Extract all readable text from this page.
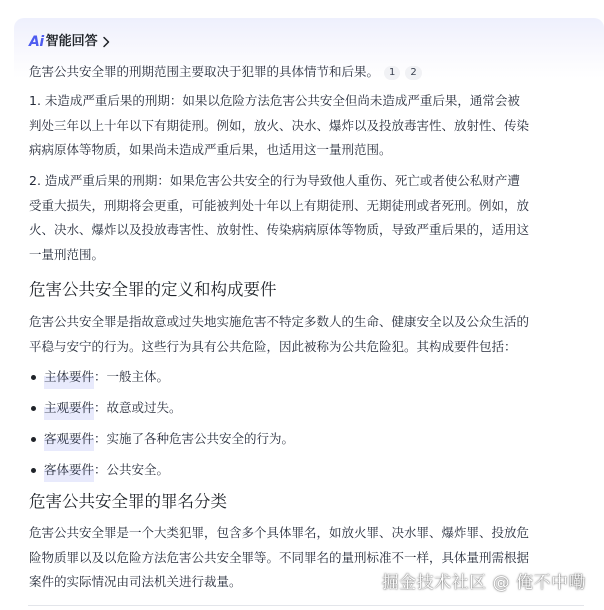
Ai 智能回答

危害公共安全罪的刑期范围主要取决于犯罪的具体情节和后果。 1 2

1. 未造成严重后果的刑期：如果以危险方法危害公共安全但尚未造成严重后果，通常会被
判处三年以上十年以下有期徒刑。例如，放火、决水、爆炸以及投放毒害性、放射性、传染
病病原体等物质，如果尚未造成严重后果，也适用这一量刑范围。
2. 造成严重后果的刑期：如果危害公共安全的行为导致他人重伤、死亡或者使公私财产遭
受重大损失，刑期将会更重，可能被判处十年以上有期徒刑、无期徒刑或者死刑。例如，放
火、决水、爆炸以及投放毒害性、放射性、传染病病原体等物质，导致严重后果的，适用这
一量刑范围。
危害公共安全罪的定义和构成要件
危害公共安全罪是指故意或过失地实施危害不特定多数人的生命、健康安全以及公众生活的
平稳与安宁的行为。这些行为具有公共危险，因此被称为公共危险犯。其构成要件包括：
主体要件 ：一般主体。
主观要件 ：故意或过失。
客观要件 ：实施了各种危害公共安全的行为。
客体要件 ：公共安全。
危害公共安全罪的罪名分类
危害公共安全罪是一个大类犯罪，包含多个具体罪名，如放火罪、决水罪、爆炸罪、投放危
险物质罪以及以危险方法危害公共安全罪等。不同罪名的量刑标准不一样，具体量刑需根据
案件的实际情况由司法机关进行裁量。	掘金技术社区 @ 俺不中嘞
